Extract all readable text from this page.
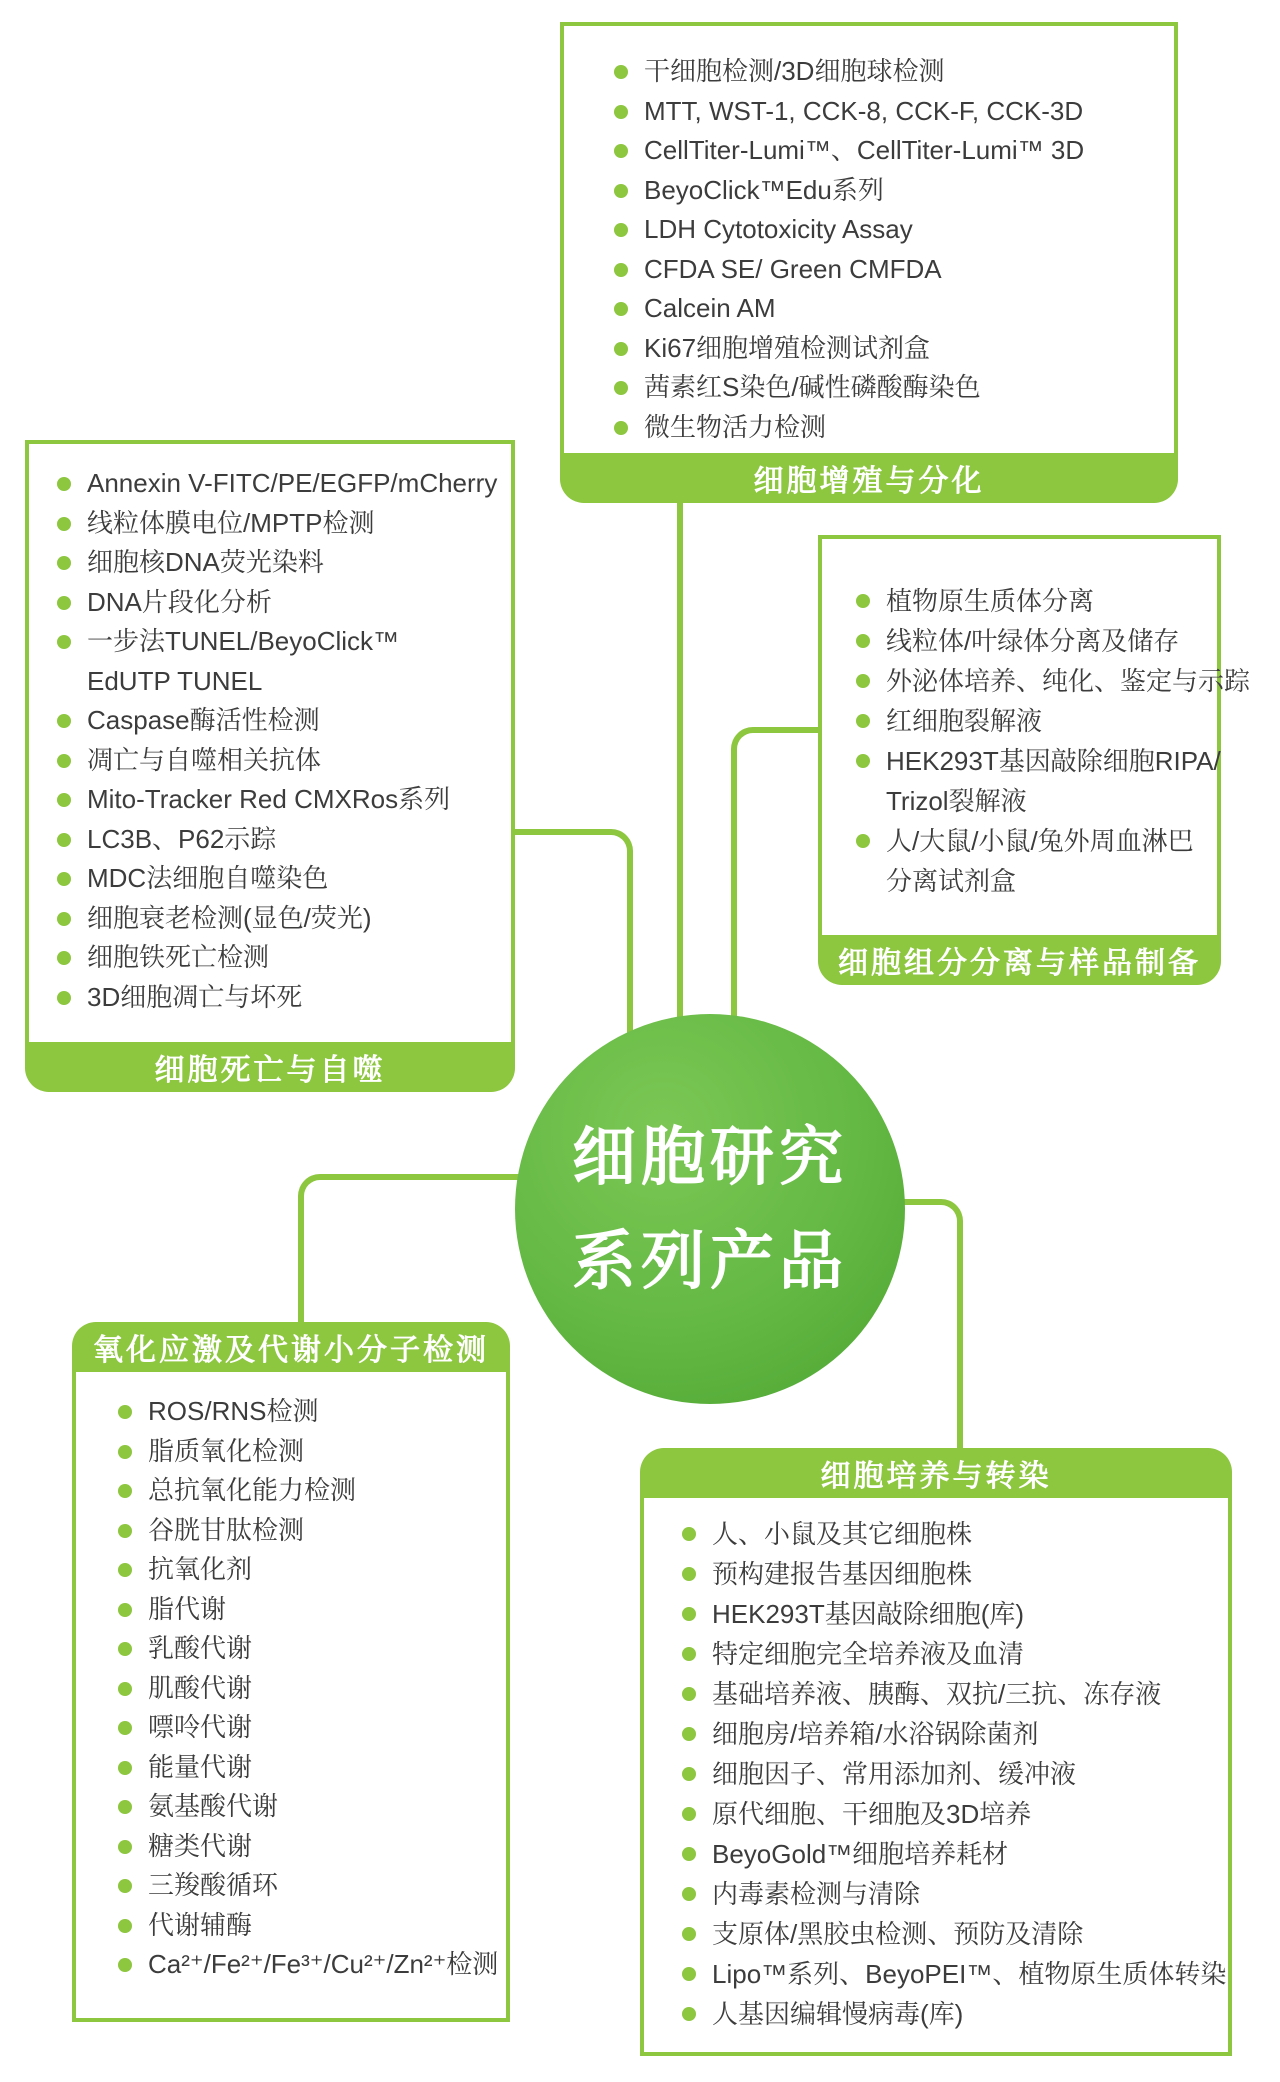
干细胞检测/3D细胞球检测
MTT, WST-1, CCK-8, CCK-F, CCK-3D
CellTiter-Lumi™、CellTiter-Lumi™ 3D
BeyoClick™Edu系列
LDH Cytotoxicity Assay
CFDA SE/ Green CMFDA
Calcein AM
Ki67细胞增殖检测试剂盒
茜素红S染色/碱性磷酸酶染色
微生物活力检测
细胞增殖与分化
Annexin V-FITC/PE/EGFP/mCherry
线粒体膜电位/MPTP检测
细胞核DNA荧光染料
DNA片段化分析
一步法TUNEL/BeyoClick™
EdUTP TUNEL
Caspase酶活性检测
凋亡与自噬相关抗体
Mito-Tracker Red CMXRos系列
LC3B、P62示踪
MDC法细胞自噬染色
细胞衰老检测(显色/荧光)
细胞铁死亡检测
3D细胞凋亡与坏死
细胞死亡与自噬
植物原生质体分离
线粒体/叶绿体分离及储存
外泌体培养、纯化、鉴定与示踪
红细胞裂解液
HEK293T基因敲除细胞RIPA/
Trizol裂解液
人/大鼠/小鼠/兔外周血淋巴
分离试剂盒
细胞组分分离与样品制备
氧化应激及代谢小分子检测
ROS/RNS检测
脂质氧化检测
总抗氧化能力检测
谷胱甘肽检测
抗氧化剂
脂代谢
乳酸代谢
肌酸代谢
嘌呤代谢
能量代谢
氨基酸代谢
糖类代谢
三羧酸循环
代谢辅酶
Ca²⁺/Fe²⁺/Fe³⁺/Cu²⁺/Zn²⁺检测
细胞培养与转染
人、小鼠及其它细胞株
预构建报告基因细胞株
HEK293T基因敲除细胞(库)
特定细胞完全培养液及血清
基础培养液、胰酶、双抗/三抗、冻存液
细胞房/培养箱/水浴锅除菌剂
细胞因子、常用添加剂、缓冲液
原代细胞、干细胞及3D培养
BeyoGold™细胞培养耗材
内毒素检测与清除
支原体/黑胶虫检测、预防及清除
Lipo™系列、BeyoPEI™、植物原生质体转染
人基因编辑慢病毒(库)
细胞研究
系列产品
